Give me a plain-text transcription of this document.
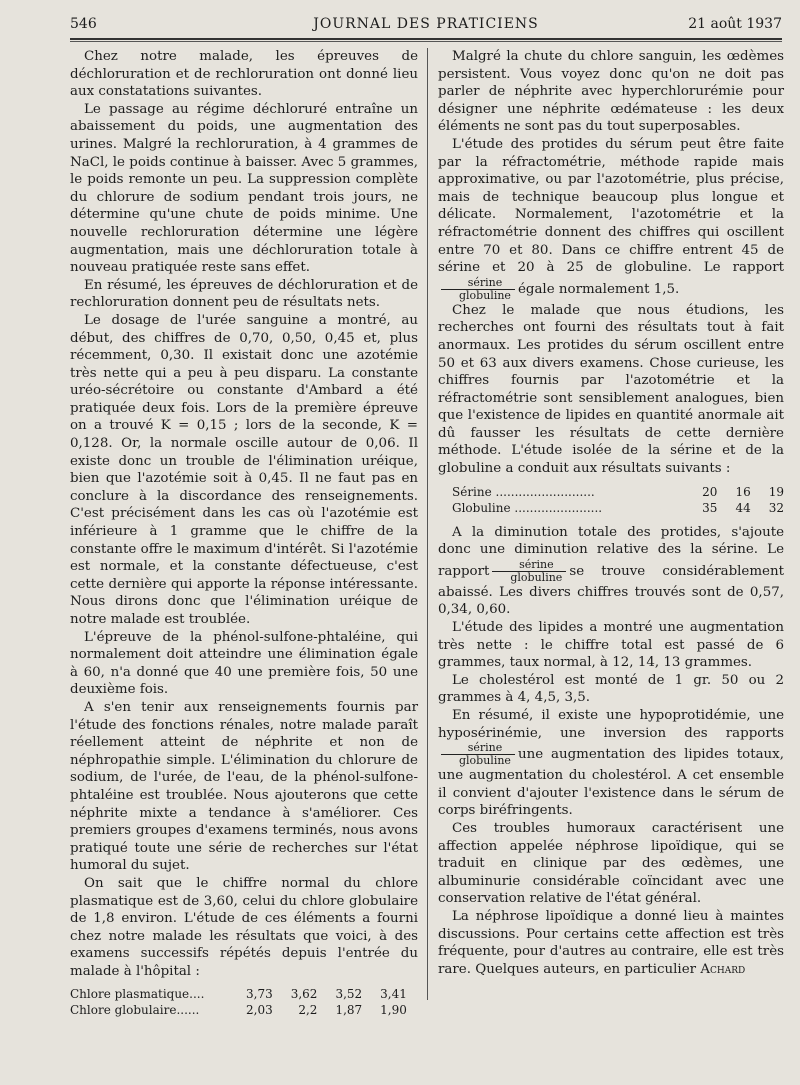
546	JOURNAL DES PRATICIENS	21 août 1937

Chez notre malade, les épreuves de déchloruration et de rechloruration ont donné lieu aux constatations suivantes.

Le passage au régime déchloruré entraîne un abaissement du poids, une augmentation des urines. Malgré la rechloruration, à 4 grammes de NaCl, le poids continue à baisser. Avec 5 grammes, le poids remonte un peu. La suppression complète du chlorure de sodium pendant trois jours, ne détermine qu'une chute de poids minime. Une nouvelle rechloruration détermine une légère augmentation, mais une déchloruration totale à nouveau pratiquée reste sans effet.

En résumé, les épreuves de déchloruration et de rechloruration donnent peu de résultats nets.

Le dosage de l'urée sanguine a montré, au début, des chiffres de 0,70, 0,50, 0,45 et, plus récemment, 0,30. Il existait donc une azotémie très nette qui a peu à peu disparu. La constante uréo-sécrétoire ou constante d'Ambard a été pratiquée deux fois. Lors de la première épreuve on a trouvé K = 0,15 ; lors de la seconde, K = 0,128. Or, la normale oscille autour de 0,06. Il existe donc un trouble de l'élimination uréique, bien que l'azotémie soit à 0,45. Il ne faut pas en conclure à la discordance des renseignements. C'est précisément dans les cas où l'azotémie est inférieure à 1 gramme que le chiffre de la constante offre le maximum d'intérêt. Si l'azotémie est normale, et la constante défectueuse, c'est cette dernière qui apporte la réponse intéressante. Nous dirons donc que l'élimination uréique de notre malade est troublée.

L'épreuve de la phénol-sulfone-phtaléine, qui normalement doit atteindre une élimination égale à 60, n'a donné que 40 une première fois, 50 une deuxième fois.

A s'en tenir aux renseignements fournis par l'étude des fonctions rénales, notre malade paraît réellement atteint de néphrite et non de néphropathie simple. L'élimination du chlorure de sodium, de l'urée, de l'eau, de la phénol-sulfone-phtaléine est troublée. Nous ajouterons que cette néphrite mixte a tendance à s'améliorer. Ces premiers groupes d'examens terminés, nous avons pratiqué toute une série de recherches sur l'état humoral du sujet.

On sait que le chiffre normal du chlore plasmatique est de 3,60, celui du chlore globulaire de 1,8 environ. L'étude de ces éléments a fourni chez notre malade les résultats que voici, à des examens successifs répétés depuis l'entrée du malade à l'hôpital :

Chlore plasmatique....	3,73	3,62	3,52	3,41
Chlore globulaire......	2,03	2,2	1,87	1,90

Malgré la chute du chlore sanguin, les œdèmes persistent. Vous voyez donc qu'on ne doit pas parler de néphrite avec hyperchlorurémie pour désigner une néphrite œdémateuse : les deux éléments ne sont pas du tout superposables.

L'étude des protides du sérum peut être faite par la réfractométrie, méthode rapide mais approximative, ou par l'azotométrie, plus précise, mais de technique beaucoup plus longue et délicate. Normalement, l'azotométrie et la réfractométrie donnent des chiffres qui oscillent entre 70 et 80. Dans ce chiffre entrent 45 de sérine et 20 à 25 de globuline. Le rapport
$\frac{\text{sérine}}{\text{globuline}}$ égale normalement 1,5.

Chez le malade que nous étudions, les recherches ont fourni des résultats tout à fait anormaux. Les protides du sérum oscillent entre 50 et 63 aux divers examens. Chose curieuse, les chiffres fournis par l'azotométrie et la réfractométrie sont sensiblement analogues, bien que l'existence de lipides en quantité anormale ait dû fausser les résultats de cette dernière méthode. L'étude isolée de la sérine et de la globuline a conduit aux résultats suivants :

Sérine ..........................	20	16	19
Globuline .......................	35	44	32

A la diminution totale des protides, s'ajoute donc une diminution relative des la sérine. Le rapport $\frac{\text{sérine}}{\text{globuline}}$ se trouve considérablement abaissé. Les divers chiffres trouvés sont de 0,57, 0,34, 0,60.

L'étude des lipides a montré une augmentation très nette : le chiffre total est passé de 6 grammes, taux normal, à 12, 14, 13 grammes.

Le cholestérol est monté de 1 gr. 50 ou 2 grammes à 4, 4,5, 3,5.

En résumé, il existe une hypoprotidémie, une hyposérinémie, une inversion des rapports
$\frac{\text{sérine}}{\text{globuline}}$ une augmentation des lipides totaux, une augmentation du cholestérol. A cet ensemble il convient d'ajouter l'existence dans le sérum de corps biréfringents.

Ces troubles humoraux caractérisent une affection appelée néphrose lipoïdique, qui se traduit en clinique par des œdèmes, une albuminurie considérable coïncidant avec une conservation relative de l'état général.

La néphrose lipoïdique a donné lieu à maintes discussions. Pour certains cette affection est très fréquente, pour d'autres au contraire, elle est très rare. Quelques auteurs, en particulier Achard
